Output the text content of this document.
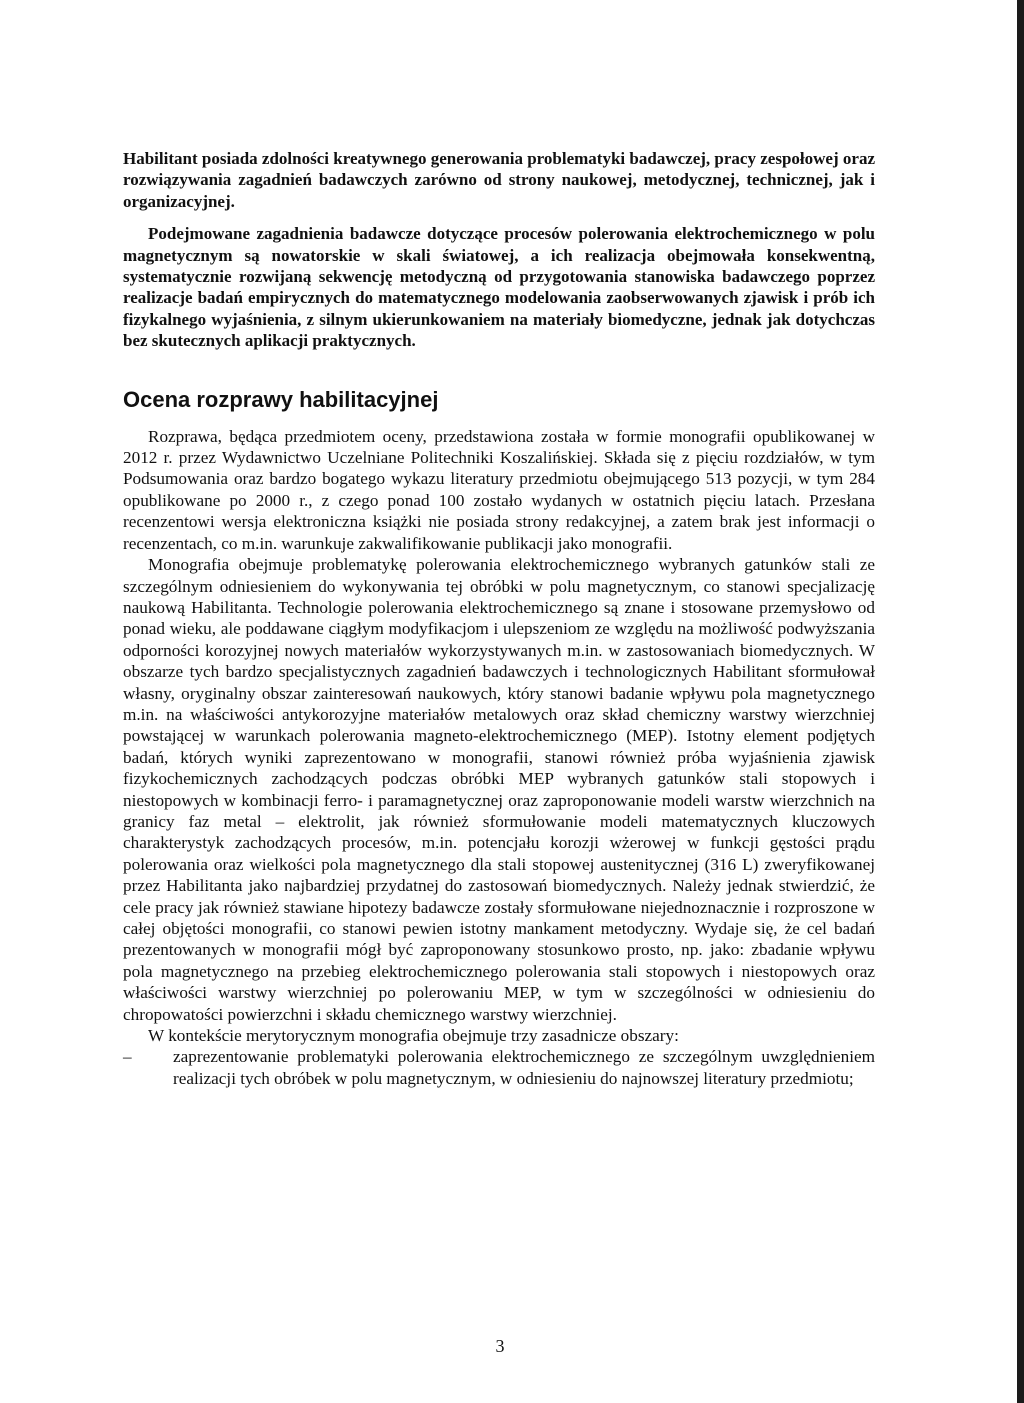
Habilitant posiada zdolności kreatywnego generowania problematyki badawczej, pracy zespołowej oraz rozwiązywania zagadnień badawczych zarówno od strony naukowej, metodycznej, technicznej, jak i organizacyjnej.

Podejmowane zagadnienia badawcze dotyczące procesów polerowania elektrochemicznego w polu magnetycznym są nowatorskie w skali światowej, a ich realizacja obejmowała konsekwentną, systematycznie rozwijaną sekwencję metodyczną od przygotowania stanowiska badawczego poprzez realizacje badań empirycznych do matematycznego modelowania zaobserwowanych zjawisk i prób ich fizykalnego wyjaśnienia, z silnym ukierunkowaniem na materiały biomedyczne, jednak jak dotychczas bez skutecznych aplikacji praktycznych.

Ocena rozprawy habilitacyjnej

Rozprawa, będąca przedmiotem oceny, przedstawiona została w formie monografii opublikowanej w 2012 r. przez Wydawnictwo Uczelniane Politechniki Koszalińskiej. Składa się z pięciu rozdziałów, w tym Podsumowania oraz bardzo bogatego wykazu literatury przedmiotu obejmującego 513 pozycji, w tym 284 opublikowane po 2000 r., z czego ponad 100 zostało wydanych w ostatnich pięciu latach. Przesłana recenzentowi wersja elektroniczna książki nie posiada strony redakcyjnej, a zatem brak jest informacji o recenzentach, co m.in. warunkuje zakwalifikowanie publikacji jako monografii.

Monografia obejmuje problematykę polerowania elektrochemicznego wybranych gatunków stali ze szczególnym odniesieniem do wykonywania tej obróbki w polu magnetycznym, co stanowi specjalizację naukową Habilitanta. Technologie polerowania elektrochemicznego są znane i stosowane przemysłowo od ponad wieku, ale poddawane ciągłym modyfikacjom i ulepszeniom ze względu na możliwość podwyższania odporności korozyjnej nowych materiałów wykorzystywanych m.in. w zastosowaniach biomedycznych. W obszarze tych bardzo specjalistycznych zagadnień badawczych i technologicznych Habilitant sformułował własny, oryginalny obszar zainteresowań naukowych, który stanowi badanie wpływu pola magnetycznego m.in. na właściwości antykorozyjne materiałów metalowych oraz skład chemiczny warstwy wierzchniej powstającej w warunkach polerowania magneto-elektrochemicznego (MEP). Istotny element podjętych badań, których wyniki zaprezentowano w monografii, stanowi również próba wyjaśnienia zjawisk fizykochemicznych zachodzących podczas obróbki MEP wybranych gatunków stali stopowych i niestopowych w kombinacji ferro- i paramagnetycznej oraz zaproponowanie modeli warstw wierzchnich na granicy faz metal – elektrolit, jak również sformułowanie modeli matematycznych kluczowych charakterystyk zachodzących procesów, m.in. potencjału korozji wżerowej w funkcji gęstości prądu polerowania oraz wielkości pola magnetycznego dla stali stopowej austenitycznej (316 L) zweryfikowanej przez Habilitanta jako najbardziej przydatnej do zastosowań biomedycznych. Należy jednak stwierdzić, że cele pracy jak również stawiane hipotezy badawcze zostały sformułowane niejednoznacznie i rozproszone w całej objętości monografii, co stanowi pewien istotny mankament metodyczny. Wydaje się, że cel badań prezentowanych w monografii mógł być zaproponowany stosunkowo prosto, np. jako: zbadanie wpływu pola magnetycznego na przebieg elektrochemicznego polerowania stali stopowych i niestopowych oraz właściwości warstwy wierzchniej po polerowaniu MEP, w tym w szczególności w odniesieniu do chropowatości powierzchni i składu chemicznego warstwy wierzchniej.

W kontekście merytorycznym monografia obejmuje trzy zasadnicze obszary:

– zaprezentowanie problematyki polerowania elektrochemicznego ze szczególnym uwzględnieniem realizacji tych obróbek w polu magnetycznym, w odniesieniu do najnowszej literatury przedmiotu;
3
